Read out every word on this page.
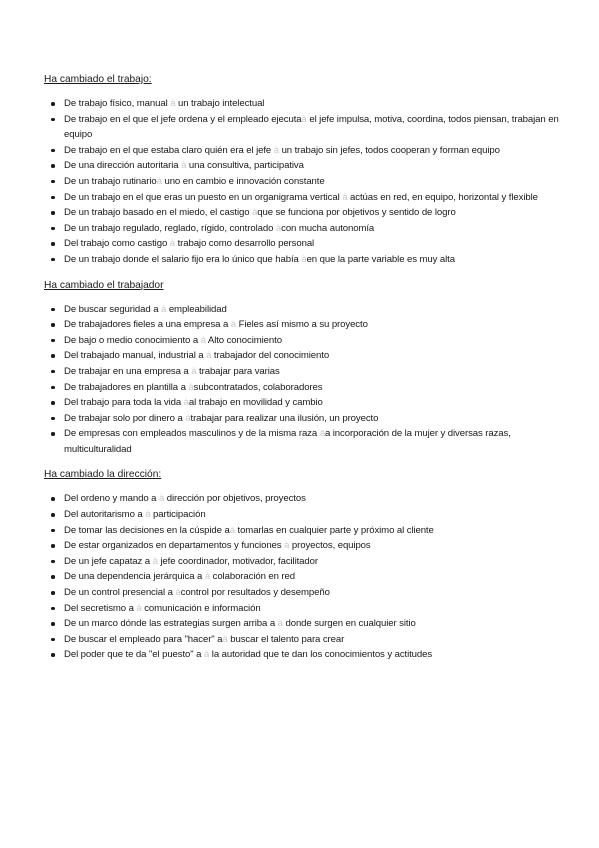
Ha cambiado el trabajo:
De trabajo físico, manual à un trabajo intelectual
De trabajo en el que el jefe ordena y el empleado ejecutaà el jefe impulsa, motiva, coordina, todos piensan, trabajan en equipo
De trabajo en el que estaba claro quién era el jefe à un trabajo sin jefes, todos cooperan y forman equipo
De una dirección autoritaria à una consultiva, participativa
De un trabajo rutinarioà uno en cambio e innovación constante
De un trabajo en el que eras un puesto en un organigrama vertical à actúas en red, en equipo, horizontal y flexible
De un trabajo basado en el miedo, el castigo àque se funciona por objetivos y sentido de logro
De un trabajo regulado, reglado, rígido, controlado àcon mucha autonomía
Del trabajo como castigo à trabajo como desarrollo personal
De un trabajo donde el salario fijo era lo único que había àen que la parte variable es muy alta
Ha cambiado el trabajador
De buscar seguridad a à empleabilidad
De trabajadores fieles a una empresa a à Fieles así mismo a su proyecto
De bajo o medio conocimiento a à Alto conocimiento
Del trabajado manual, industrial a à trabajador del conocimiento
De trabajar en una empresa a à trabajar para varias
De trabajadores en plantilla a àsubcontratados, colaboradores
Del trabajo para toda la vida àal trabajo en movilidad y cambio
De trabajar solo por dinero a àtrabajar para realizar una ilusión, un proyecto
De empresas con empleados masculinos y de la misma raza àa incorporación de la mujer y diversas razas, multiculturalidad
Ha cambiado la dirección:
Del ordeno y mando a à dirección por objetivos, proyectos
Del autoritarismo a à participación
De tomar las decisiones en la cúspide aà tomarlas en cualquier parte y próximo al cliente
De estar organizados en departamentos y funciones à proyectos, equipos
De un jefe capataz a à jefe coordinador, motivador, facilitador
De una dependencia jerárquica a à colaboración en red
De un control presencial a àcontrol por resultados y desempeño
Del secretismo a à comunicación e información
De un marco dónde las estrategias surgen arriba a à donde surgen en cualquier sitio
De buscar el empleado para "hacer" aà buscar el talento para crear
Del poder que te da "el puesto" a à la autoridad que te dan los conocimientos y actitudes
